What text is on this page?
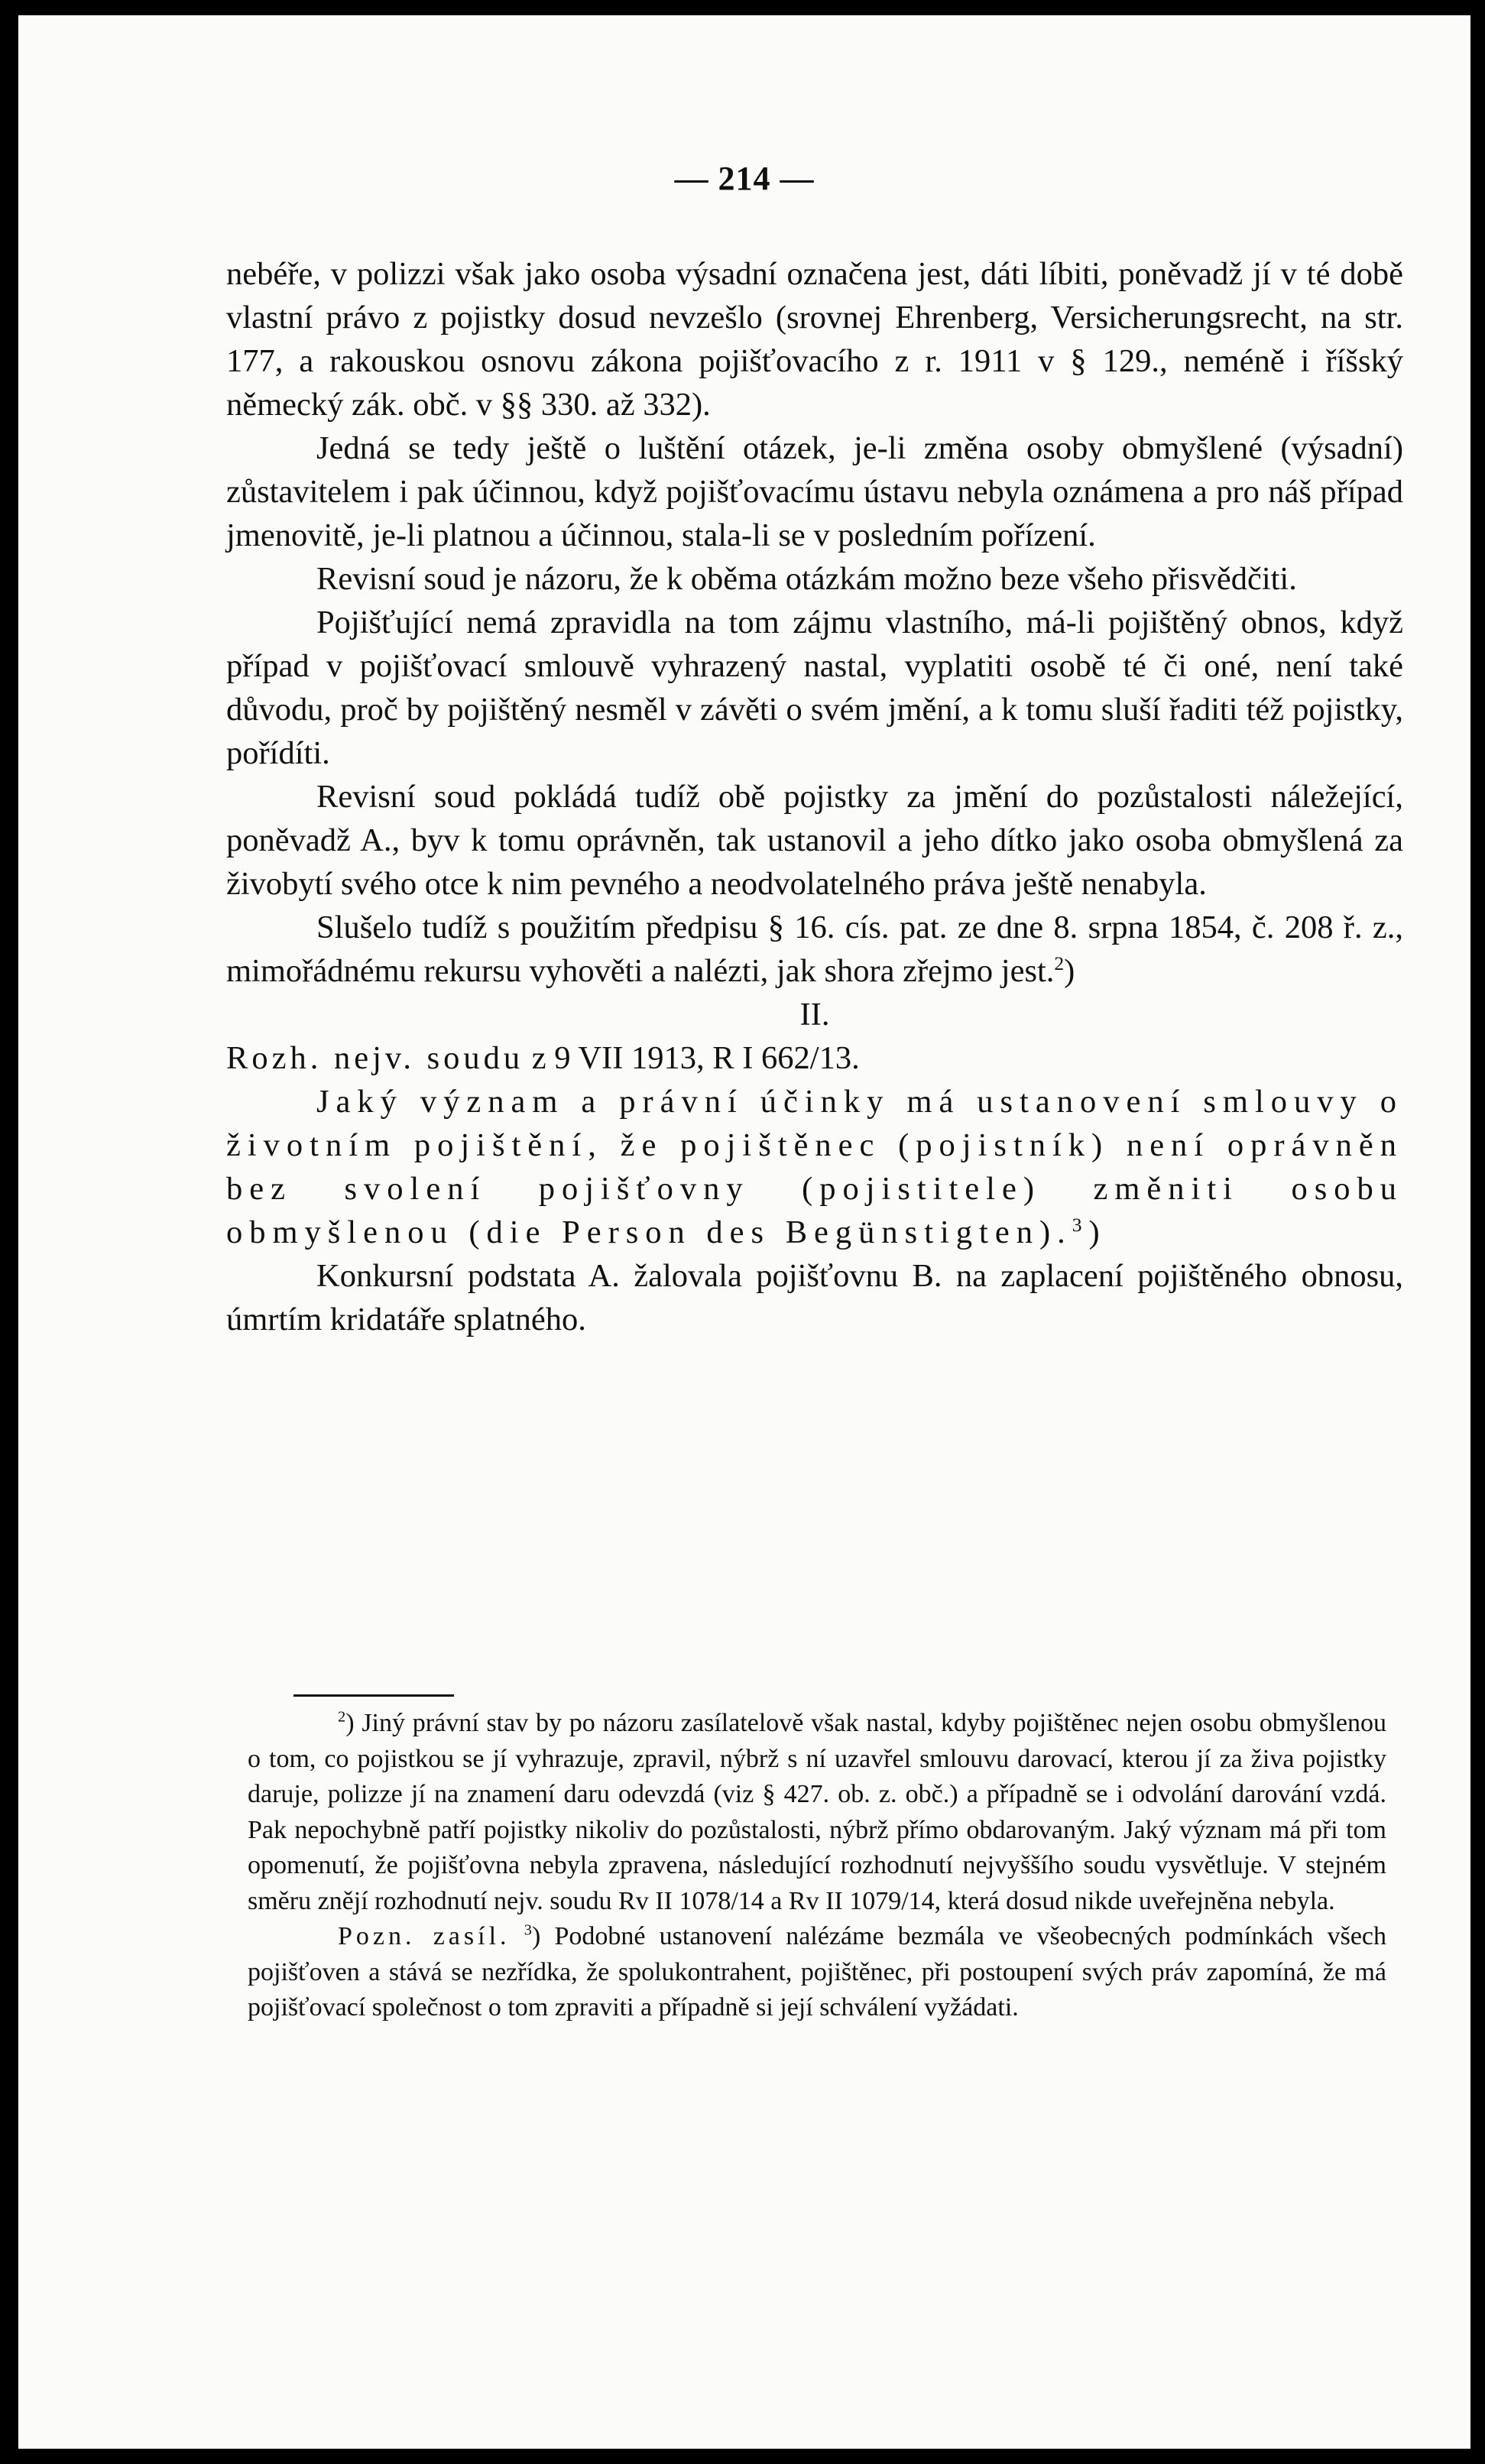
— 214 —

nebéře, v polizzi však jako osoba výsadní označena jest, dáti líbiti, poněvadž jí v té době vlastní právo z pojistky dosud nevzešlo (srovnej Ehrenberg, Versicherungsrecht, na str. 177, a rakouskou osnovu zákona pojišťovacího z r. 1911 v § 129., neméně i říšský německý zák. obč. v §§ 330. až 332).

Jedná se tedy ještě o luštění otázek, je-li změna osoby obmyšlené (výsadní) zůstavitelem i pak účinnou, když pojišťovacímu ústavu nebyla oznámena a pro náš případ jmenovitě, je-li platnou a účinnou, stala-li se v posledním pořízení.

Revisní soud je názoru, že k oběma otázkám možno beze všeho přisvědčiti.

Pojišťující nemá zpravidla na tom zájmu vlastního, má-li pojištěný obnos, když případ v pojišťovací smlouvě vyhrazený nastal, vyplatiti osobě té či oné, není také důvodu, proč by pojištěný nesměl v závěti o svém jmění, a k tomu sluší řaditi též pojistky, pořídíti.

Revisní soud pokládá tudíž obě pojistky za jmění do pozůstalosti náležející, poněvadž A., byv k tomu oprávněn, tak ustanovil a jeho dítko jako osoba obmyšlená za živobytí svého otce k nim pevného a neodvolatelného práva ještě nenabyla.

Slušelo tudíž s použitím předpisu § 16. cís. pat. ze dne 8. srpna 1854, č. 208 ř. z., mimořádnému rekursu vyhověti a nalézti, jak shora zřejmo jest.$^2$)

II.

Rozh. nejv. soudu z 9 VII 1913, R I 662/13.

Jaký význam a právní účinky má ustanovení smlouvy o životním pojištění, že pojištěnec (pojistník) není oprávněn bez svolení pojišťovny (pojistitele) změniti osobu obmyšlenou (die Person des Begünstigten).$^3$)

Konkursní podstata A. žalovala pojišťovnu B. na zaplacení pojištěného obnosu, úmrtím kridatáře splatného.

$^2$) Jiný právní stav by po názoru zasílatelově však nastal, kdyby pojištěnec nejen osobu obmyšlenou o tom, co pojistkou se jí vyhrazuje, zpravil, nýbrž s ní uzavřel smlouvu darovací, kterou jí za živa pojistky daruje, polizze jí na znamení daru odevzdá (viz § 427. ob. z. obč.) a případně se i odvolání darování vzdá. Pak nepochybně patří pojistky nikoliv do pozůstalosti, nýbrž přímo obdarovaným. Jaký význam má při tom opomenutí, že pojišťovna nebyla zpravena, následující rozhodnutí nejvyššího soudu vysvětluje. V stejném směru znějí rozhodnutí nejv. soudu Rv II 1078/14 a Rv II 1079/14, která dosud nikde uveřejněna nebyla.

Pozn. zasíl. $^3$) Podobné ustanovení nalézáme bezmála ve všeobecných podmínkách všech pojišťoven a stává se nezřídka, že spolukontrahent, pojištěnec, při postoupení svých práv zapomíná, že má pojišťovací společnost o tom zpraviti a případně si její schválení vyžádati.
